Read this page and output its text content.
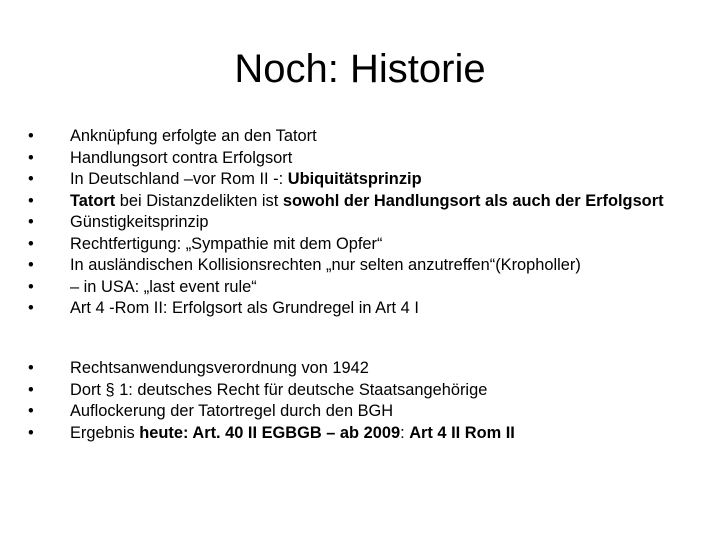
Noch: Historie
•	Anknüpfung erfolgte an den Tatort
•	Handlungsort contra Erfolgsort
•	In Deutschland –vor Rom II -: Ubiquitätsprinzip
•	Tatort bei Distanzdelikten ist sowohl der Handlungsort als auch der Erfolgsort
•	Günstigkeitsprinzip
•	Rechtfertigung: „Sympathie mit dem Opfer“
•	In ausländischen Kollisionsrechten „nur selten anzutreffen“(Kropholler)
•	– in USA: „last event rule“
•	Art 4 -Rom II: Erfolgsort als Grundregel in Art 4 I
•	Rechtsanwendungsverordnung von 1942
•	Dort § 1: deutsches Recht für deutsche Staatsangehörige
•	Auflockerung der Tatortregel durch den BGH
•	Ergebnis heute: Art. 40 II EGBGB – ab 2009: Art 4 II Rom II
